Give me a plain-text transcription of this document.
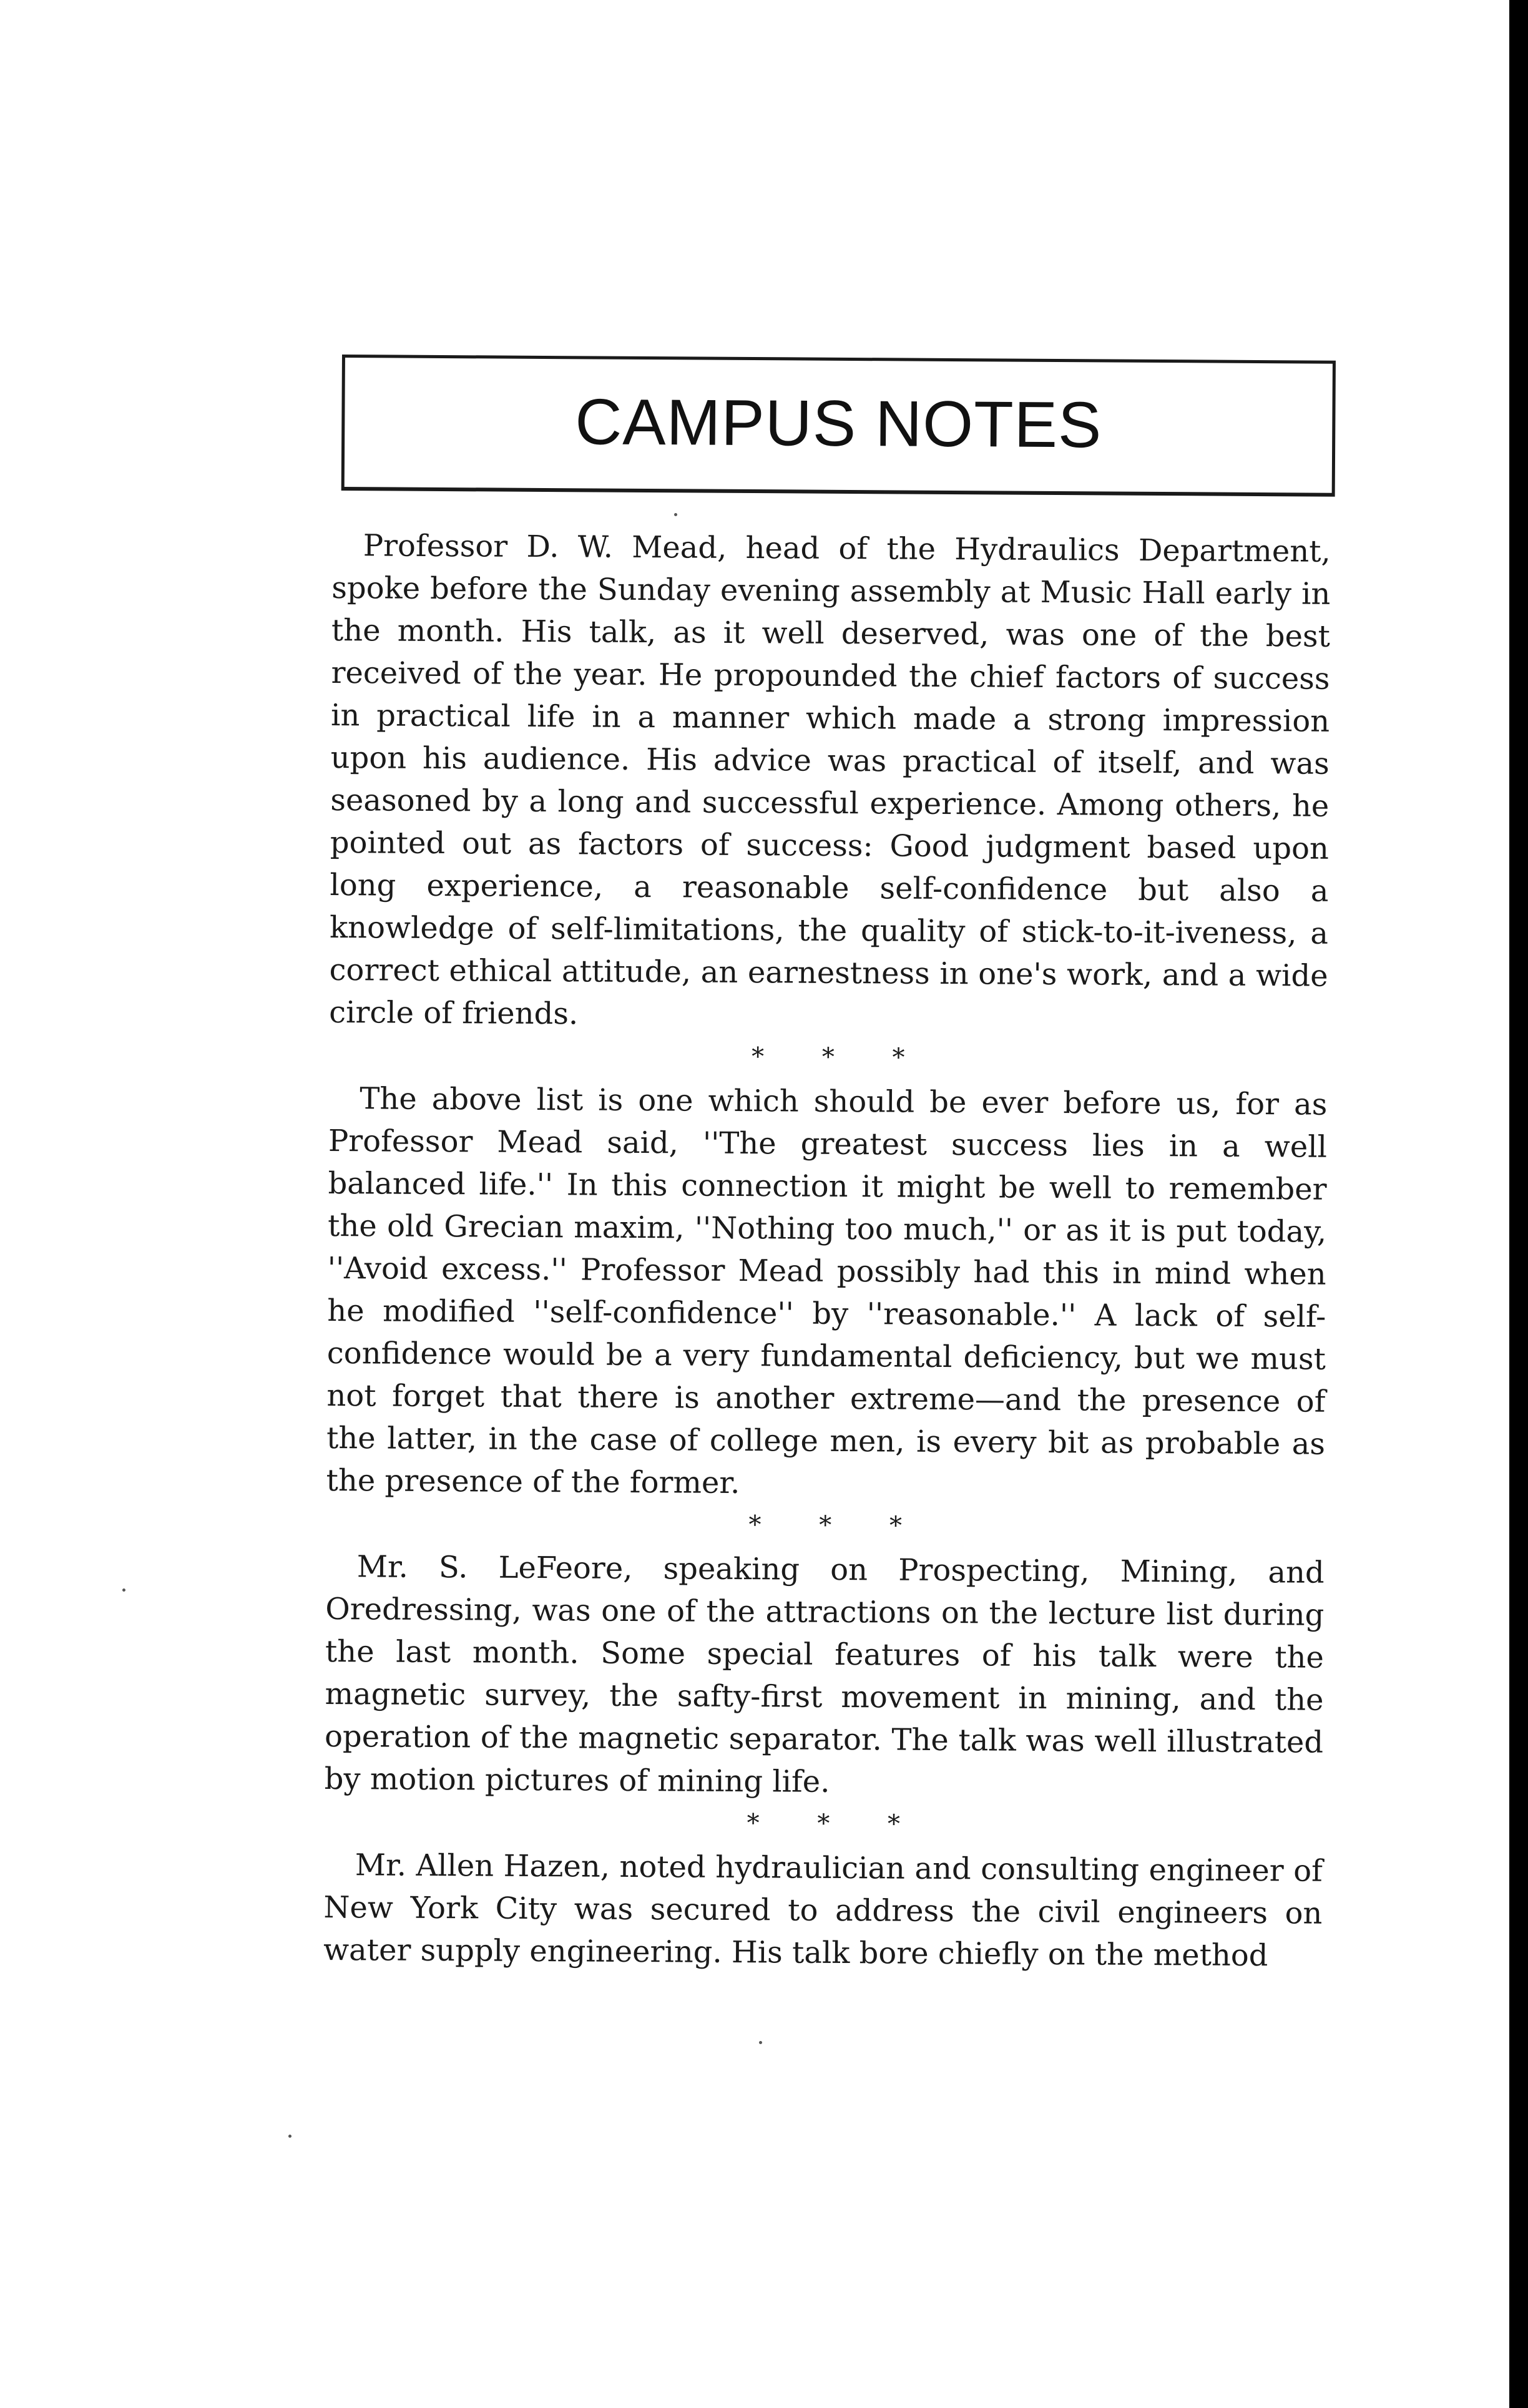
CAMPUS NOTES

Professor D. W. Mead, head of the Hydraulics Department, spoke before the Sunday evening assembly at Music Hall early in the month. His talk, as it well deserved, was one of the best received of the year. He propounded the chief factors of success in practical life in a manner which made a strong impression upon his audience. His advice was practical of itself, and was seasoned by a long and successful experience. Among others, he pointed out as factors of success: Good judgment based upon long experience, a reasonable self-confidence but also a knowledge of self-limitations, the quality of stick-to-it-iveness, a correct ethical attitude, an earnestness in one's work, and a wide circle of friends.

* * *

The above list is one which should be ever before us, for as Professor Mead said, ''The greatest success lies in a well balanced life.'' In this connection it might be well to remember the old Grecian maxim, ''Nothing too much,'' or as it is put today, ''Avoid excess.'' Professor Mead possibly had this in mind when he modified ''self-confidence'' by ''reasonable.'' A lack of self-confidence would be a very fundamental deficiency, but we must not forget that there is another extreme—and the presence of the latter, in the case of college men, is every bit as probable as the presence of the former.

* * *

Mr. S. LeFeore, speaking on Prospecting, Mining, and Oredressing, was one of the attractions on the lecture list during the last month. Some special features of his talk were the magnetic survey, the safty-first movement in mining, and the operation of the magnetic separator. The talk was well illustrated by motion pictures of mining life.

* * *

Mr. Allen Hazen, noted hydraulician and consulting engineer of New York City was secured to address the civil engineers on water supply engineering. His talk bore chiefly on the method
